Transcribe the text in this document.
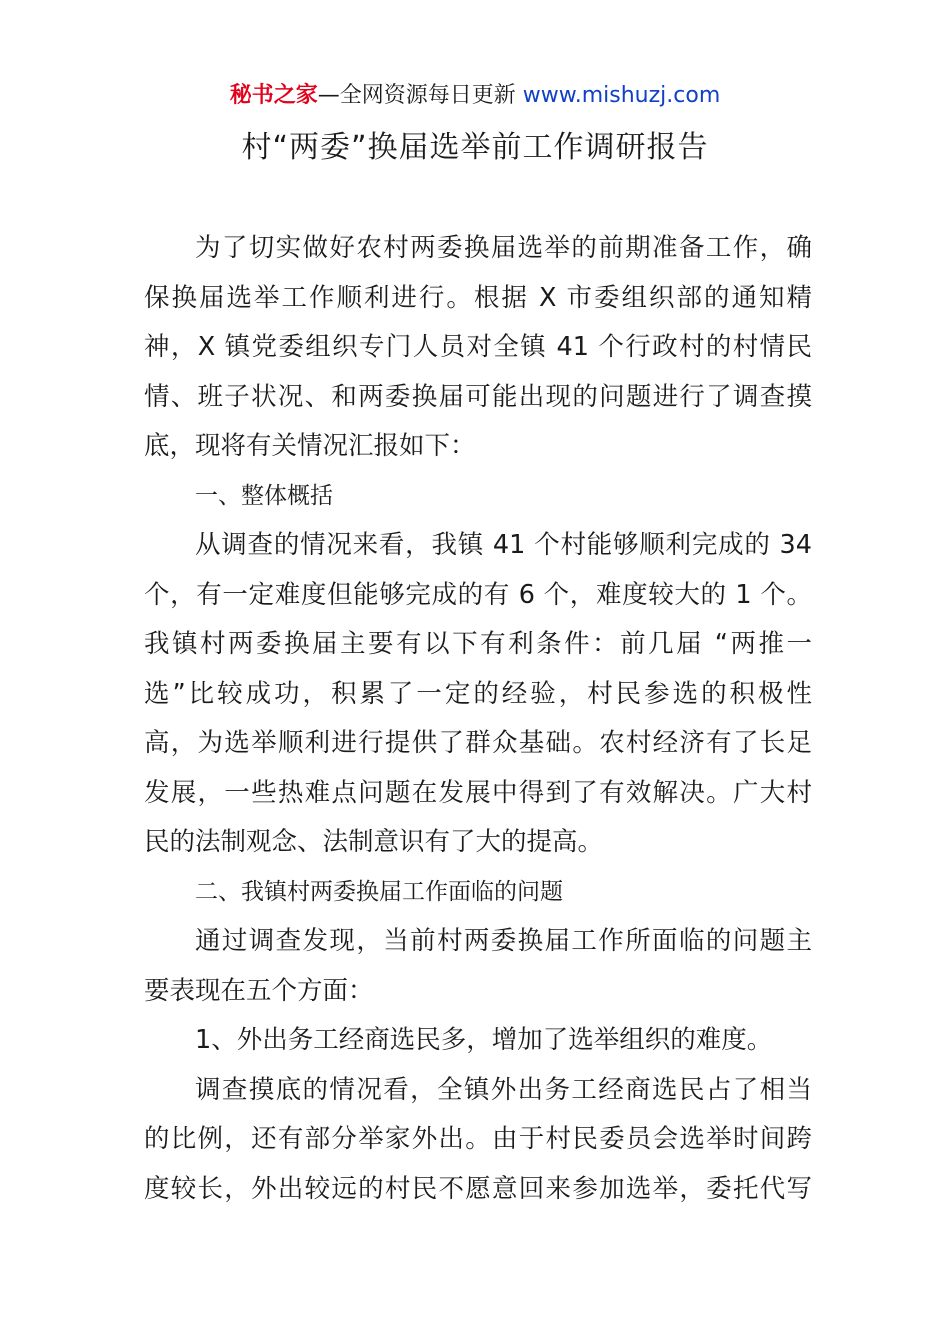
秘书之家—全网资源每日更新 www.mishuzj.com
村“两委”换届选举前工作调研报告
为了切实做好农村两委换届选举的前期准备工作，确
保换届选举工作顺利进行。根据 X 市委组织部的通知精
神，X 镇党委组织专门人员对全镇 41 个行政村的村情民
情、班子状况、和两委换届可能出现的问题进行了调查摸
底，现将有关情况汇报如下：
一、整体概括
从调查的情况来看，我镇 41 个村能够顺利完成的 34
个，有一定难度但能够完成的有 6 个，难度较大的 1 个。
我镇村两委换届主要有以下有利条件：前几届 “两推一
选”比较成功，积累了一定的经验，村民参选的积极性
高，为选举顺利进行提供了群众基础。农村经济有了长足
发展，一些热难点问题在发展中得到了有效解决。广大村
民的法制观念、法制意识有了大的提高。
二、我镇村两委换届工作面临的问题
通过调查发现，当前村两委换届工作所面临的问题主
要表现在五个方面：
1、外出务工经商选民多，增加了选举组织的难度。
调查摸底的情况看，全镇外出务工经商选民占了相当
的比例，还有部分举家外出。由于村民委员会选举时间跨
度较长，外出较远的村民不愿意回来参加选举，委托代写
